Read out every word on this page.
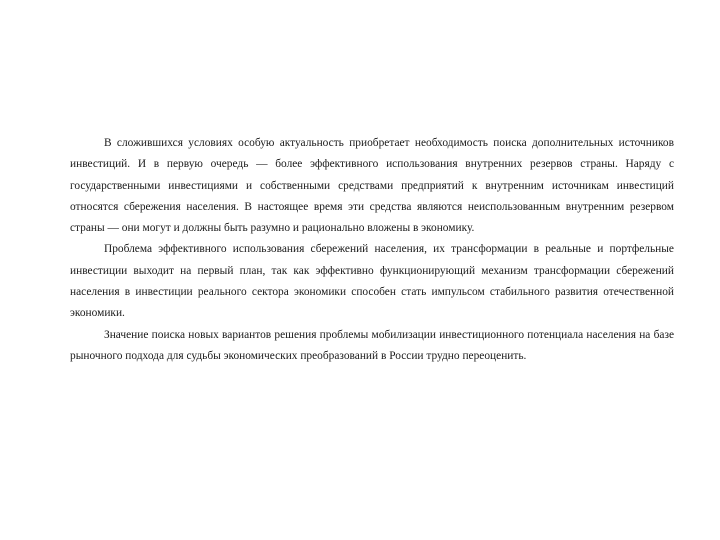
В сложившихся условиях особую актуальность приобретает необходимость поиска дополнительных источников инвестиций. И в первую очередь — более эффективного использования внутренних резервов страны. Наряду с государственными инвестициями и собственными средствами предприятий к внутренним источникам инвестиций относятся сбережения населения. В настоящее время эти средства являются неиспользованным внутренним резервом страны — они могут и должны быть разумно и рационально вложены в экономику.

Проблема эффективного использования сбережений населения, их трансформации в реальные и портфельные инвестиции выходит на первый план, так как эффективно функционирующий механизм трансформации сбережений населения в инвестиции реального сектора экономики способен стать импульсом стабильного развития отечественной экономики.

Значение поиска новых вариантов решения проблемы мобилизации инвестиционного потенциала населения на базе рыночного подхода для судьбы экономических преобразований в России трудно переоценить.
